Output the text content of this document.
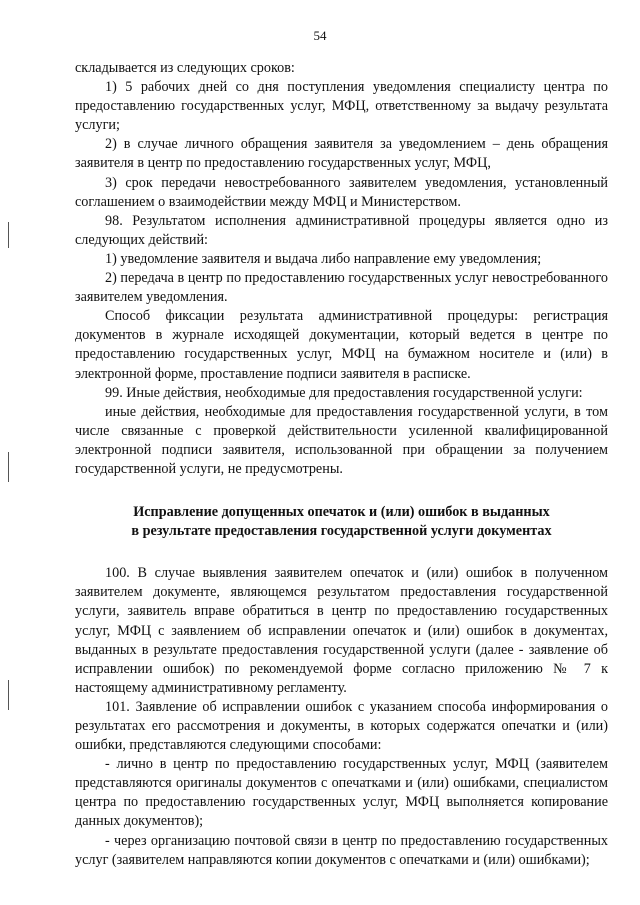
54

складывается из следующих сроков:

1) 5 рабочих дней со дня поступления уведомления специалисту центра по предоставлению государственных услуг, МФЦ, ответственному за выдачу результата услуги;

2) в случае личного обращения заявителя за уведомлением – день обращения заявителя в центр по предоставлению государственных услуг, МФЦ,

3) срок передачи невостребованного заявителем уведомления, установленный соглашением о взаимодействии между МФЦ и Министерством.

98. Результатом исполнения административной процедуры является одно из следующих действий:

1) уведомление заявителя и выдача либо направление ему уведомления;

2) передача в центр по предоставлению государственных услуг невостребованного заявителем уведомления.

Способ фиксации результата административной процедуры: регистрация документов в журнале исходящей документации, который ведется в центре по предоставлению государственных услуг, МФЦ на бумажном носителе и (или) в электронной форме, проставление подписи заявителя в расписке.

99. Иные действия, необходимые для предоставления государственной услуги:

иные действия, необходимые для предоставления государственной услуги, в том числе связанные с проверкой действительности усиленной квалифицированной электронной подписи заявителя, использованной при обращении за получением государственной услуги, не предусмотрены.

Исправление допущенных опечаток и (или) ошибок в выданных
в результате предоставления государственной услуги документах

100. В случае выявления заявителем опечаток и (или) ошибок в полученном заявителем документе, являющемся результатом предоставления государственной услуги, заявитель вправе обратиться в центр по предоставлению государственных услуг, МФЦ с заявлением об исправлении опечаток и (или) ошибок в документах, выданных в результате предоставления государственной услуги (далее - заявление об исправлении ошибок) по рекомендуемой форме согласно приложению № 7 к настоящему административному регламенту.

101. Заявление об исправлении ошибок с указанием способа информирования о результатах его рассмотрения и документы, в которых содержатся опечатки и (или) ошибки, представляются следующими способами:

- лично в центр по предоставлению государственных услуг, МФЦ (заявителем представляются оригиналы документов с опечатками и (или) ошибками, специалистом центра по предоставлению государственных услуг, МФЦ выполняется копирование данных документов);

- через организацию почтовой связи в центр по предоставлению государственных услуг (заявителем направляются копии документов с опечатками и (или) ошибками);
